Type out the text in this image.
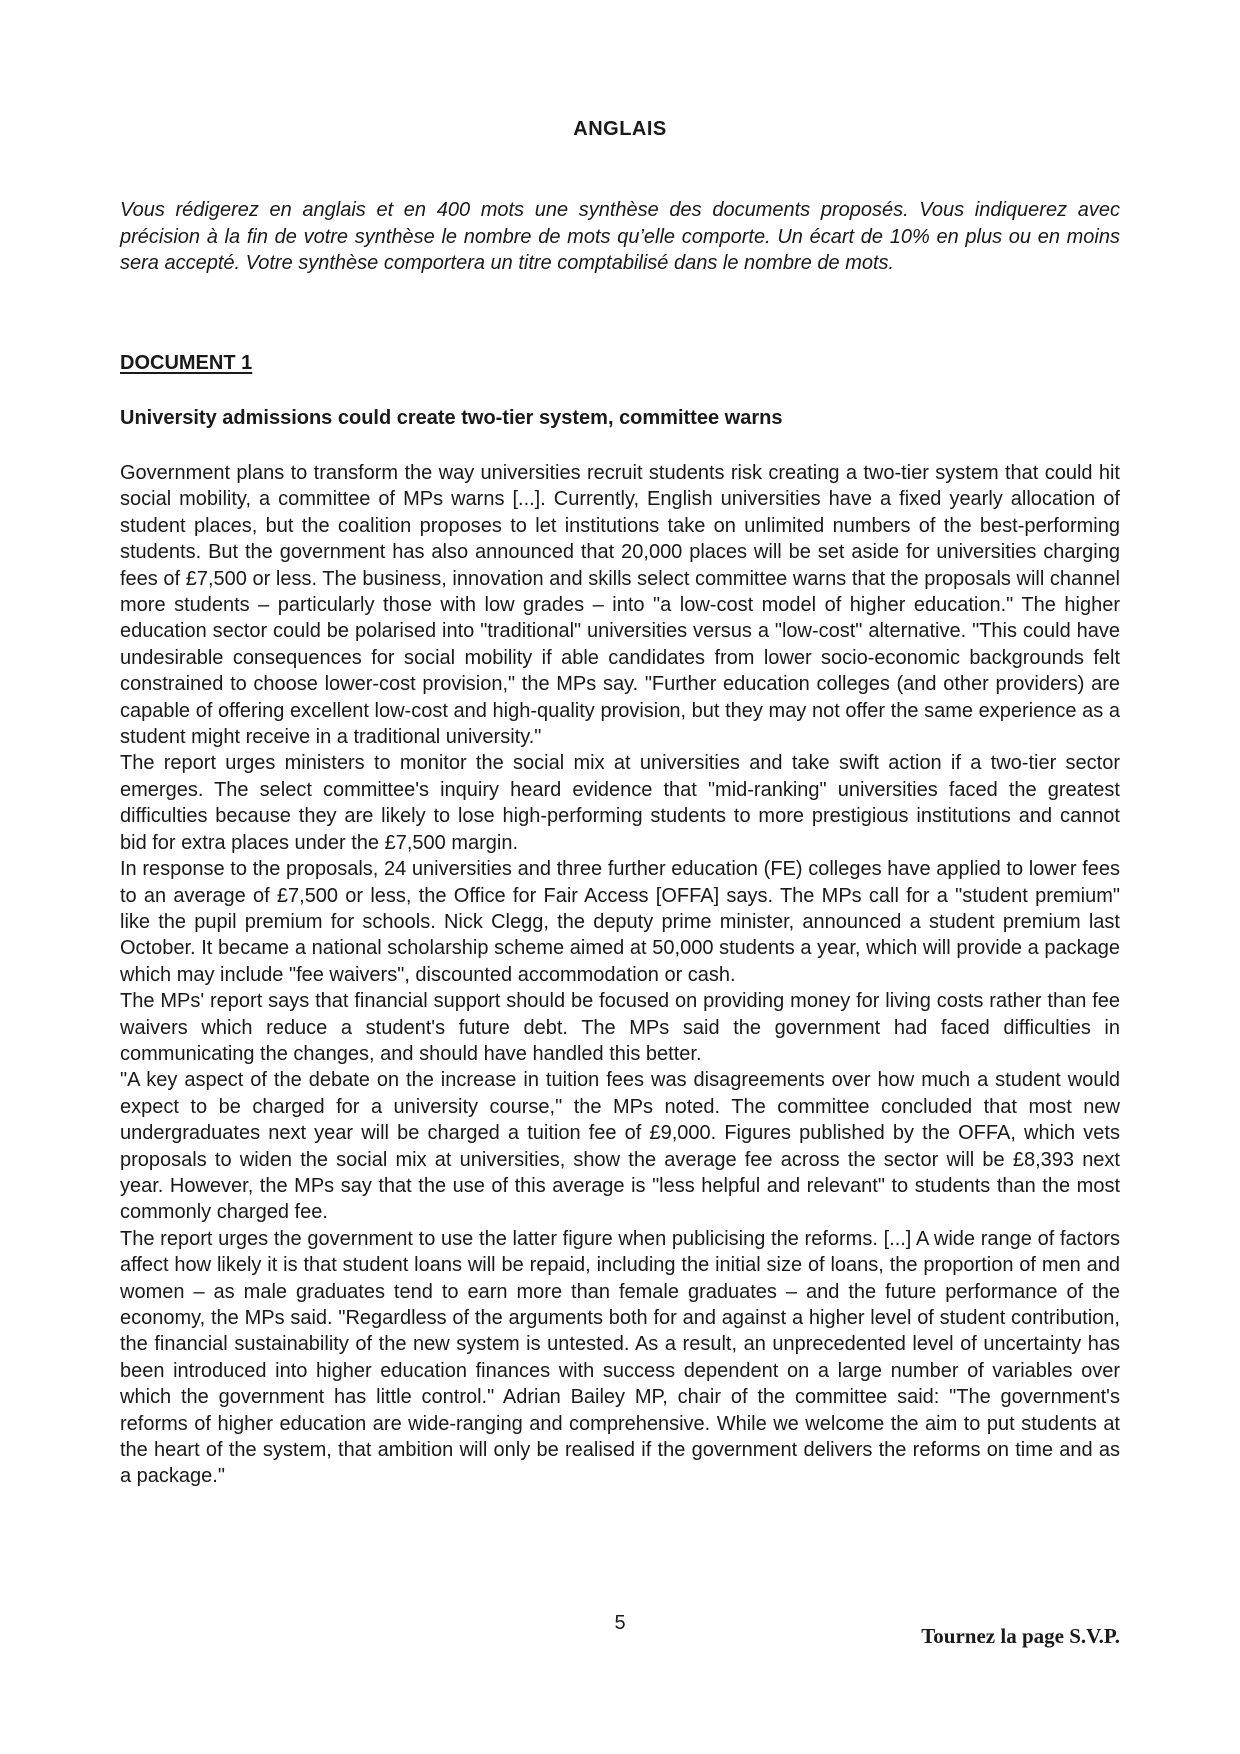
ANGLAIS

Vous rédigerez en anglais et en 400 mots une synthèse des documents proposés. Vous indiquerez avec précision à la fin de votre synthèse le nombre de mots qu’elle comporte. Un écart de 10% en plus ou en moins sera accepté. Votre synthèse comportera un titre comptabilisé dans le nombre de mots.

DOCUMENT 1
University admissions could create two-tier system, committee warns

Government plans to transform the way universities recruit students risk creating a two-tier system that could hit social mobility, a committee of MPs warns [...]. Currently, English universities have a fixed yearly allocation of student places, but the coalition proposes to let institutions take on unlimited numbers of the best-performing students. But the government has also announced that 20,000 places will be set aside for universities charging fees of £7,500 or less. The business, innovation and skills select committee warns that the proposals will channel more students – particularly those with low grades – into "a low-cost model of higher education." The higher education sector could be polarised into "traditional" universities versus a "low-cost" alternative. "This could have undesirable consequences for social mobility if able candidates from lower socio-economic backgrounds felt constrained to choose lower-cost provision," the MPs say. "Further education colleges (and other providers) are capable of offering excellent low-cost and high-quality provision, but they may not offer the same experience as a student might receive in a traditional university."

The report urges ministers to monitor the social mix at universities and take swift action if a two-tier sector emerges. The select committee's inquiry heard evidence that "mid-ranking" universities faced the greatest difficulties because they are likely to lose high-performing students to more prestigious institutions and cannot bid for extra places under the £7,500 margin.

In response to the proposals, 24 universities and three further education (FE) colleges have applied to lower fees to an average of £7,500 or less, the Office for Fair Access [OFFA] says. The MPs call for a "student premium" like the pupil premium for schools. Nick Clegg, the deputy prime minister, announced a student premium last October. It became a national scholarship scheme aimed at 50,000 students a year, which will provide a package which may include "fee waivers", discounted accommodation or cash.

The MPs' report says that financial support should be focused on providing money for living costs rather than fee waivers which reduce a student's future debt. The MPs said the government had faced difficulties in communicating the changes, and should have handled this better.

"A key aspect of the debate on the increase in tuition fees was disagreements over how much a student would expect to be charged for a university course," the MPs noted. The committee concluded that most new undergraduates next year will be charged a tuition fee of £9,000. Figures published by the OFFA, which vets proposals to widen the social mix at universities, show the average fee across the sector will be £8,393 next year. However, the MPs say that the use of this average is "less helpful and relevant" to students than the most commonly charged fee.

The report urges the government to use the latter figure when publicising the reforms. [...] A wide range of factors affect how likely it is that student loans will be repaid, including the initial size of loans, the proportion of men and women – as male graduates tend to earn more than female graduates – and the future performance of the economy, the MPs said. "Regardless of the arguments both for and against a higher level of student contribution, the financial sustainability of the new system is untested. As a result, an unprecedented level of uncertainty has been introduced into higher education finances with success dependent on a large number of variables over which the government has little control." Adrian Bailey MP, chair of the committee said: "The government's reforms of higher education are wide-ranging and comprehensive. While we welcome the aim to put students at the heart of the system, that ambition will only be realised if the government delivers the reforms on time and as a package."

5
Tournez la page S.V.P.
